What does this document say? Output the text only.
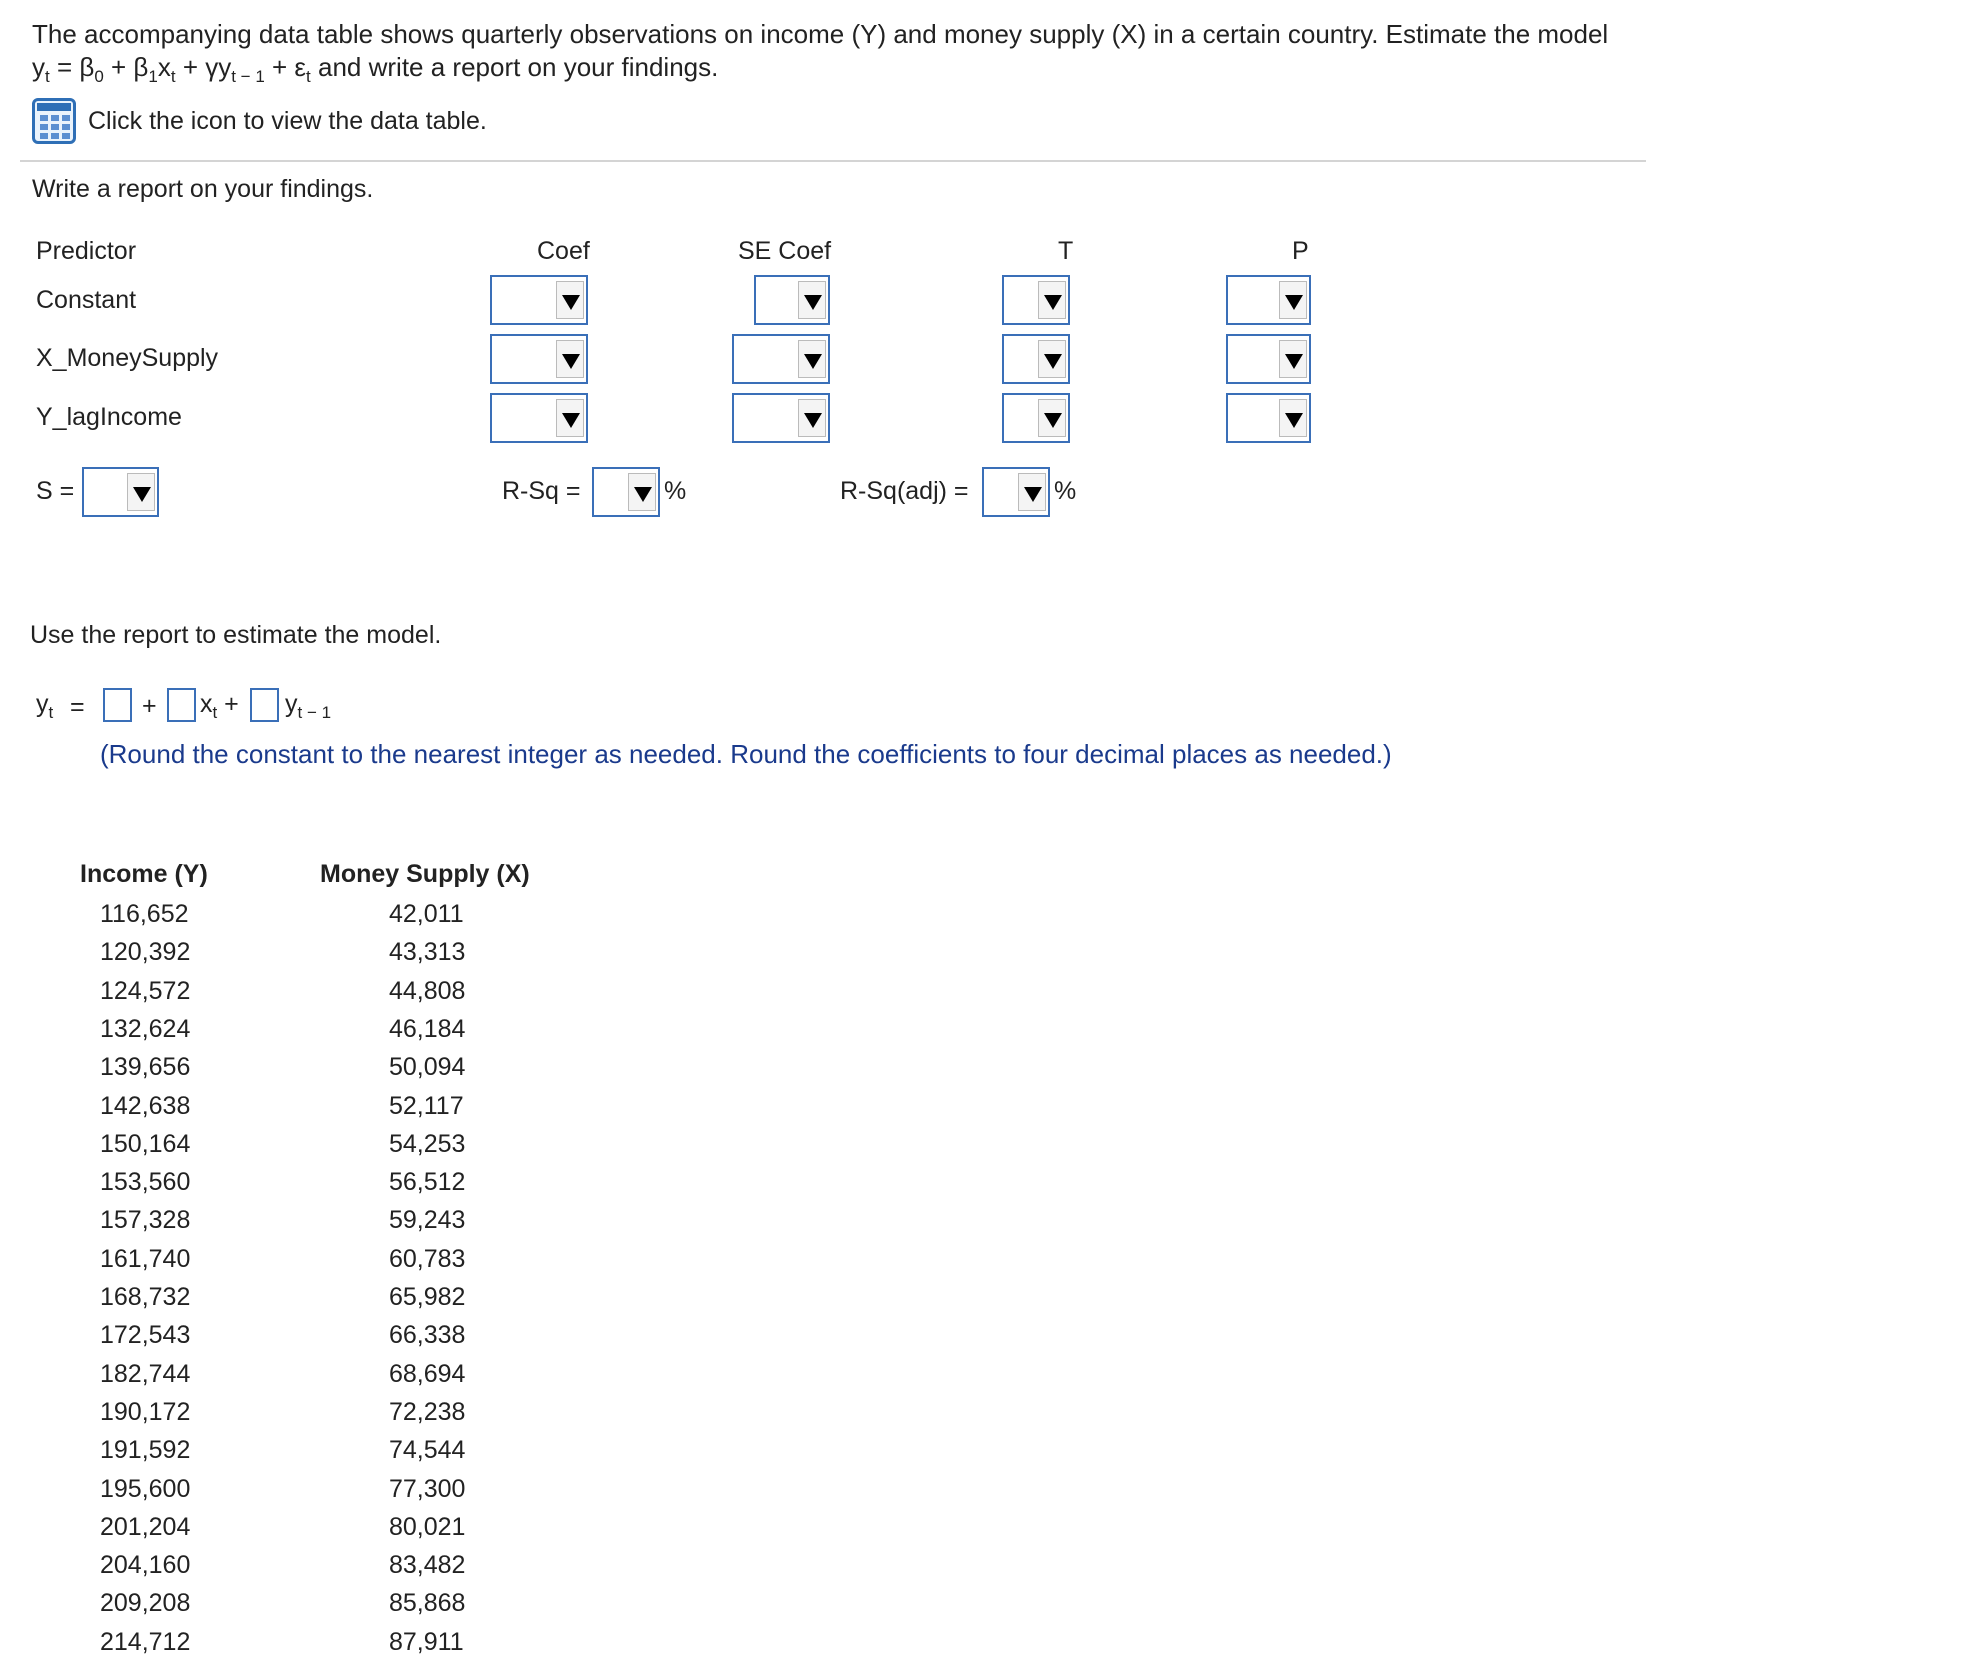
The accompanying data table shows quarterly observations on income (Y) and money supply (X) in a certain country. Estimate the model
$y_t = \beta_0 + \beta_1x_t + \gamma y_{t - 1} + \varepsilon_t$ and write a report on your findings.
Click the icon to view the data table.
Write a report on your findings.
Predictor	Coef	SE Coef	T	P
Constant
X_MoneySupply
Y_lagIncome
S =	R-Sq =	%	R-Sq(adj) =	%
Use the report to estimate the model.
$y_t$ = + $x_t + y_{t - 1}$
(Round the constant to the nearest integer as needed. Round the coefficients to four decimal places as needed.)
Income (Y)	Money Supply (X)
116,652	42,011
120,392	43,313
124,572	44,808
132,624	46,184
139,656	50,094
142,638	52,117
150,164	54,253
153,560	56,512
157,328	59,243
161,740	60,783
168,732	65,982
172,543	66,338
182,744	68,694
190,172	72,238
191,592	74,544
195,600	77,300
201,204	80,021
204,160	83,482
209,208	85,868
214,712	87,911
